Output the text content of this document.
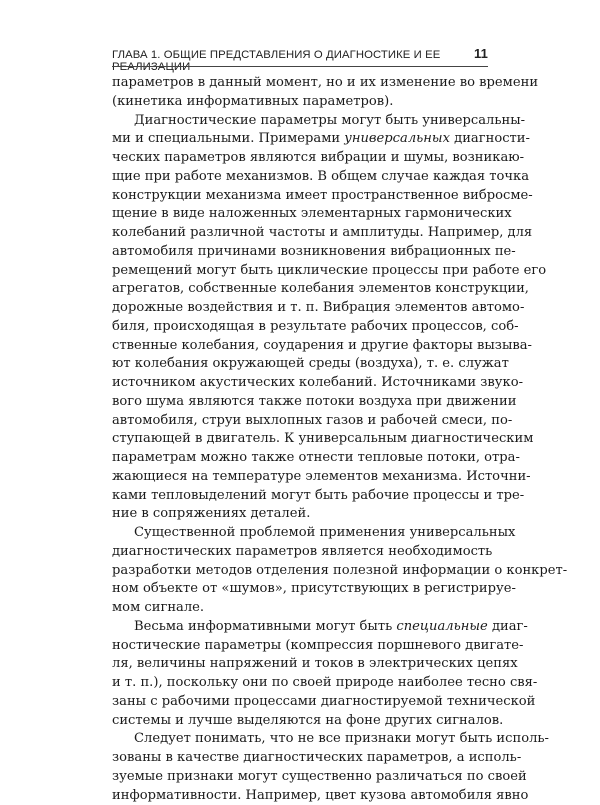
ГЛАВА 1. ОБЩИЕ ПРЕДСТАВЛЕНИЯ О ДИАГНОСТИКЕ И ЕЕ РЕАЛИЗАЦИИ
11
параметров в данный момент, но и их изменение во времени
(кинетика информативных параметров).
Диагностические параметры могут быть универсальны-
ми и специальными. Примерами универсальных диагности-
ческих параметров являются вибрации и шумы, возникаю-
щие при работе механизмов. В общем случае каждая точка
конструкции механизма имеет пространственное вибросме-
щение в виде наложенных элементарных гармонических
колебаний различной частоты и амплитуды. Например, для
автомобиля причинами возникновения вибрационных пе-
ремещений могут быть циклические процессы при работе его
агрегатов, собственные колебания элементов конструкции,
дорожные воздействия и т. п. Вибрация элементов автомо-
биля, происходящая в результате рабочих процессов, соб-
ственные колебания, соударения и другие факторы вызыва-
ют колебания окружающей среды (воздуха), т. е. служат
источником акустических колебаний. Источниками звуко-
вого шума являются также потоки воздуха при движении
автомобиля, струи выхлопных газов и рабочей смеси, по-
ступающей в двигатель. К универсальным диагностическим
параметрам можно также отнести тепловые потоки, отра-
жающиеся на температуре элементов механизма. Источни-
ками тепловыделений могут быть рабочие процессы и тре-
ние в сопряжениях деталей.
Существенной проблемой применения универсальных
диагностических параметров является необходимость
разработки методов отделения полезной информации о конкрет-
ном объекте от «шумов», присутствующих в регистрируе-
мом сигнале.
Весьма информативными могут быть специальные диаг-
ностические параметры (компрессия поршневого двигате-
ля, величины напряжений и токов в электрических цепях
и т. п.), поскольку они по своей природе наиболее тесно свя-
заны с рабочими процессами диагностируемой технической
системы и лучше выделяются на фоне других сигналов.
Следует понимать, что не все признаки могут быть исполь-
зованы в качестве диагностических параметров, а исполь-
зуемые признаки могут существенно различаться по своей
информативности. Например, цвет кузова автомобиля явно
